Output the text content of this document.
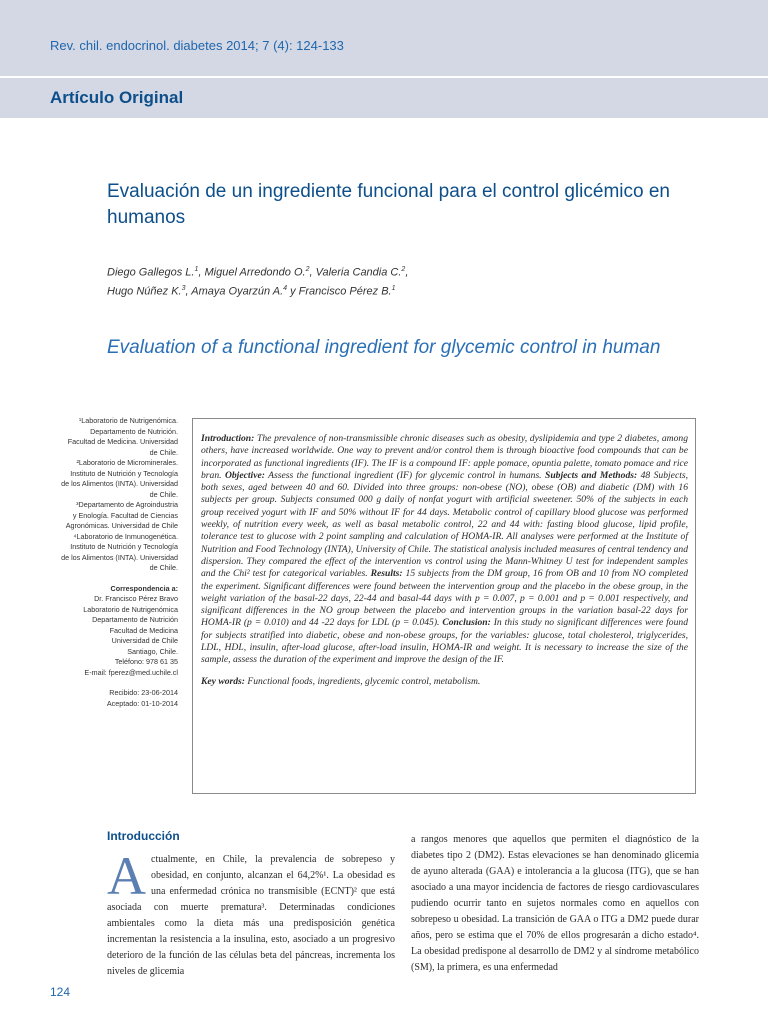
Rev. chil. endocrinol. diabetes 2014; 7 (4): 124-133

Artículo Original

Evaluación de un ingrediente funcional para el control glicémico en humanos

Diego Gallegos L.$^1$, Miguel Arredondo O.$^2$, Valeria Candia C.$^2$,
Hugo Núñez K.$^3$, Amaya Oyarzún A.$^4$ y Francisco Pérez B.$^1$

Evaluation of a functional ingredient for glycemic control in human

¹Laboratorio de Nutrigenómica.

Departamento de Nutrición.

Facultad de Medicina. Universidad

de Chile.

²Laboratorio de Microminerales.

Instituto de Nutrición y Tecnología

de los Alimentos (INTA). Universidad

de Chile.

³Departamento de Agroindustria

y Enología. Facultad de Ciencias

Agronómicas. Universidad de Chile

⁴Laboratorio de Inmunogenética.

Instituto de Nutrición y Tecnología

de los Alimentos (INTA). Universidad

de Chile.

Correspondencia a:

Dr. Francisco Pérez Bravo

Laboratorio de Nutrigenómica

Departamento de Nutrición

Facultad de Medicina

Universidad de Chile

Santiago, Chile.

Teléfono: 978 61 35

E-mail: fperez@med.uchile.cl

Recibido: 23-06-2014

Aceptado: 01-10-2014

Introduction: The prevalence of non-transmissible chronic diseases such as obesity, dyslipidemia and type 2 diabetes, among others, have increased worldwide. One way to prevent and/or control them is through bioactive food compounds that can be incorporated as functional ingredients (IF). The IF is a compound IF: apple pomace, opuntia palette, tomato pomace and rice bran. Objective: Assess the functional ingredient (IF) for glycemic control in humans. Subjects and Methods: 48 Subjects, both sexes, aged between 40 and 60. Divided into three groups: non-obese (NO), obese (OB) and diabetic (DM) with 16 subjects per group. Subjects consumed 000 g daily of nonfat yogurt with artificial sweetener. 50% of the subjects in each group received yogurt with IF and 50% without IF for 44 days. Metabolic control of capillary blood glucose was performed weekly, of nutrition every week, as well as basal metabolic control, 22 and 44 with: fasting blood glucose, lipid profile, tolerance test to glucose with 2 point sampling and calculation of HOMA-IR. All analyses were performed at the Institute of Nutrition and Food Technology (INTA), University of Chile. The statistical analysis included measures of central tendency and dispersion. They compared the effect of the intervention vs control using the Mann-Whitney U test for independent samples and the Chi² test for categorical variables. Results: 15 subjects from the DM group, 16 from OB and 10 from NO completed the experiment. Significant differences were found between the intervention group and the placebo in the obese group, in the weight variation of the basal-22 days, 22-44 and basal-44 days with p = 0.007, p = 0.001 and p = 0.001 respectively, and significant differences in the NO group between the placebo and intervention groups in the variation basal-22 days for HOMA-IR (p = 0.010) and 44 -22 days for LDL (p = 0.045). Conclusion: In this study no significant differences were found for subjects stratified into diabetic, obese and non-obese groups, for the variables: glucose, total cholesterol, triglycerides, LDL, HDL, insulin, after-load glucose, after-load insulin, HOMA-IR and weight. It is necessary to increase the size of the sample, assess the duration of the experiment and improve the design of the IF.

Key words: Functional foods, ingredients, glycemic control, metabolism.

Introducción

Actualmente, en Chile, la prevalencia de sobrepeso y obesidad, en conjunto, alcanzan el 64,2%¹. La obesidad es una enfermedad crónica no transmisible (ECNT)² que está asociada con muerte prematura³. Determinadas condiciones ambientales como la dieta más una predisposición genética incrementan la resistencia a la insulina, esto, asociado a un progresivo deterioro de la función de las células beta del páncreas, incrementa los niveles de glicemia

a rangos menores que aquellos que permiten el diagnóstico de la diabetes tipo 2 (DM2). Estas elevaciones se han denominado glicemia de ayuno alterada (GAA) e intolerancia a la glucosa (ITG), que se han asociado a una mayor incidencia de factores de riesgo cardiovasculares pudiendo ocurrir tanto en sujetos normales como en aquellos con sobrepeso u obesidad. La transición de GAA o ITG a DM2 puede durar años, pero se estima que el 70% de ellos progresarán a dicho estado⁴. La obesidad predispone al desarrollo de DM2 y al síndrome metabólico (SM), la primera, es una enfermedad

124
